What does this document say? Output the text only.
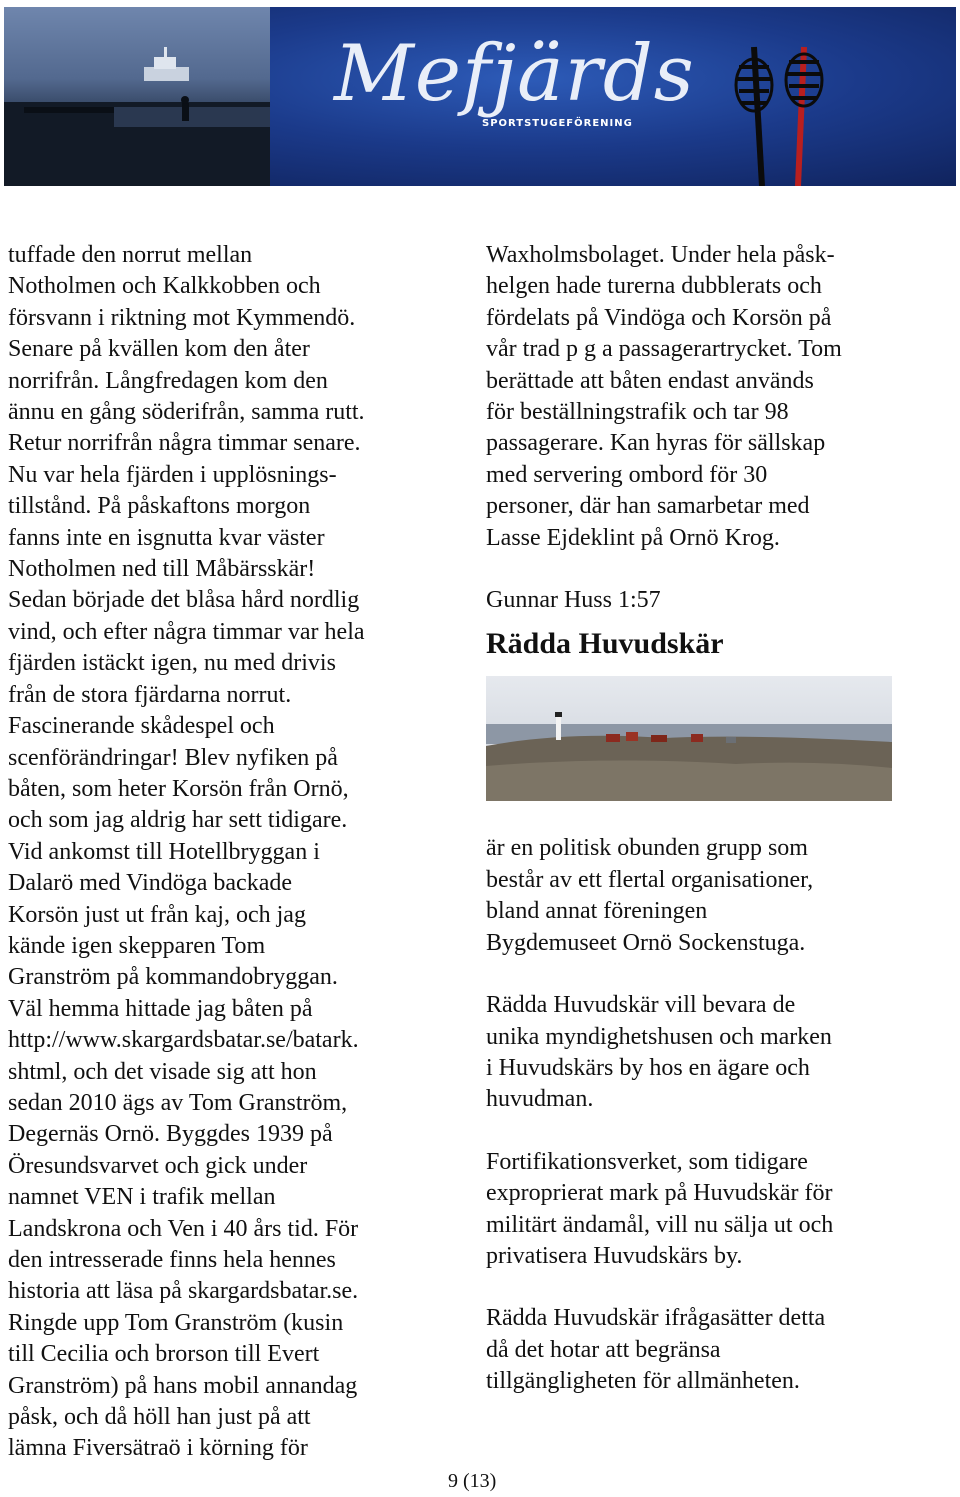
Mefjärds
SPORTSTUGEFÖRENING
tuffade den norrut mellan
Notholmen och Kalkkobben och
försvann i riktning mot Kymmendö.
Senare på kvällen kom den åter
norrifrån. Långfredagen kom den
ännu en gång söderifrån, samma rutt.
Retur norrifrån några timmar senare.
Nu var hela fjärden i upplösnings-
tillstånd. På påskaftons morgon
fanns inte en isgnutta kvar väster
Notholmen ned till Måbärsskär!
Sedan började det blåsa hård nordlig
vind, och efter några timmar var hela
fjärden istäckt igen, nu med drivis
från de stora fjärdarna norrut.
Fascinerande skådespel och
scenförändringar! Blev nyfiken på
båten, som heter Korsön från Ornö,
och som jag aldrig har sett tidigare.
Vid ankomst till Hotellbryggan i
Dalarö med Vindöga backade
Korsön just ut från kaj, och jag
kände igen skepparen Tom
Granström på kommandobryggan.
Väl hemma hittade jag båten på
http://www.skargardsbatar.se/batark.
shtml, och det visade sig att hon
sedan 2010 ägs av Tom Granström,
Degernäs Ornö. Byggdes 1939 på
Öresundsvarvet och gick under
namnet VEN i trafik mellan
Landskrona och Ven i 40 års tid. För
den intresserade finns hela hennes
historia att läsa på skargardsbatar.se.
Ringde upp Tom Granström (kusin
till Cecilia och brorson till Evert
Granström) på hans mobil annandag
påsk, och då höll han just på att
lämna Fiversätraö i körning för
Waxholmsbolaget. Under hela påsk-
helgen hade turerna dubblerats och
fördelats på Vindöga och Korsön på
vår trad p g a passagerartrycket. Tom
berättade att båten endast används
för beställningstrafik och tar 98
passagerare. Kan hyras för sällskap
med servering ombord för 30
personer, där han samarbetar med
Lasse Ejdeklint på Ornö Krog.
Gunnar Huss 1:57
Rädda Huvudskär
är en politisk obunden grupp som
består av ett flertal organisationer,
bland annat föreningen
Bygdemuseet Ornö Sockenstuga.
Rädda Huvudskär vill bevara de
unika myndighetshusen och marken
i Huvudskärs by hos en ägare och
huvudman.
Fortifikationsverket, som tidigare
exproprierat mark på Huvudskär för
militärt ändamål, vill nu sälja ut och
privatisera Huvudskärs by.
Rädda Huvudskär ifrågasätter detta
då det hotar att begränsa
tillgängligheten för allmänheten.
9 (13)
